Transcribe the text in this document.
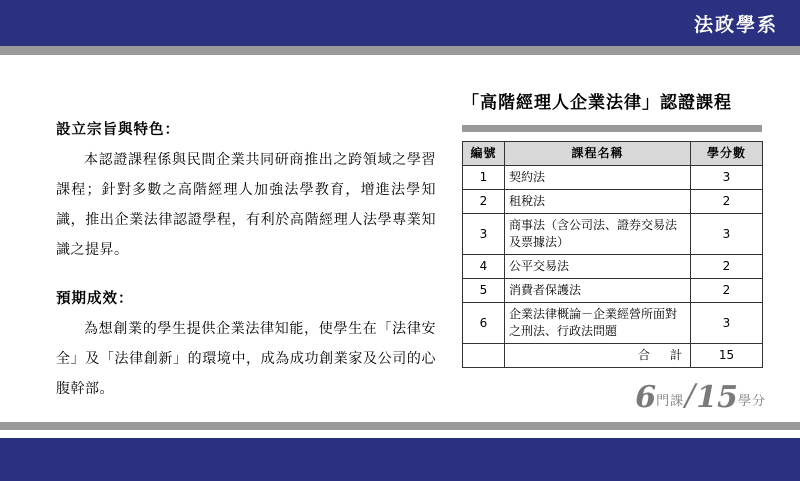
法政學系
設立宗旨與特色：

本認證課程係與民間企業共同研商推出之跨領域之學習課程；針對多數之高階經理人加強法學教育，增進法學知識，推出企業法律認證學程，有利於高階經理人法學專業知識之提昇。

預期成效：

為想創業的學生提供企業法律知能，使學生在「法律安全」及「法律創新」的環境中，成為成功創業家及公司的心腹幹部。

「高階經理人企業法律」認證課程
編號	課程名稱	學分數
1	契約法	3
2	租稅法	2
3	商事法（含公司法、證券交易法及票據法）	3
4	公平交易法	2
5	消費者保護法	2
6	企業法律概論－企業經營所面對之刑法、行政法問題	3
	合　計	15
6門課/15學分
